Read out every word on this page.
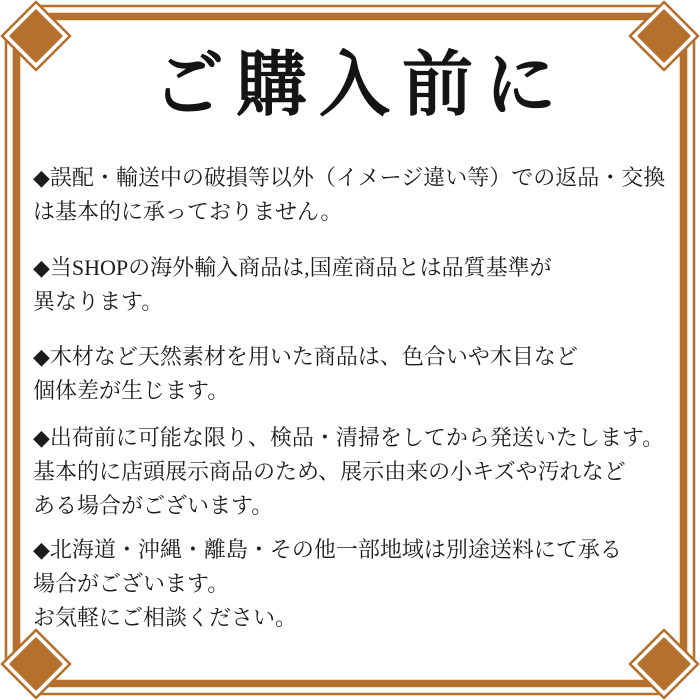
ご購入前に

◆誤配・輸送中の破損等以外（イメージ違い等）での返品・交換
は基本的に承っておりません。

◆当SHOPの海外輸入商品は,国産商品とは品質基準が
異なります。

◆木材など天然素材を用いた商品は、色合いや木目など
個体差が生じます。

◆出荷前に可能な限り、検品・清掃をしてから発送いたします。
基本的に店頭展示商品のため、展示由来の小キズや汚れなど
ある場合がございます。

◆北海道・沖縄・離島・その他一部地域は別途送料にて承る
場合がございます。
お気軽にご相談ください。
